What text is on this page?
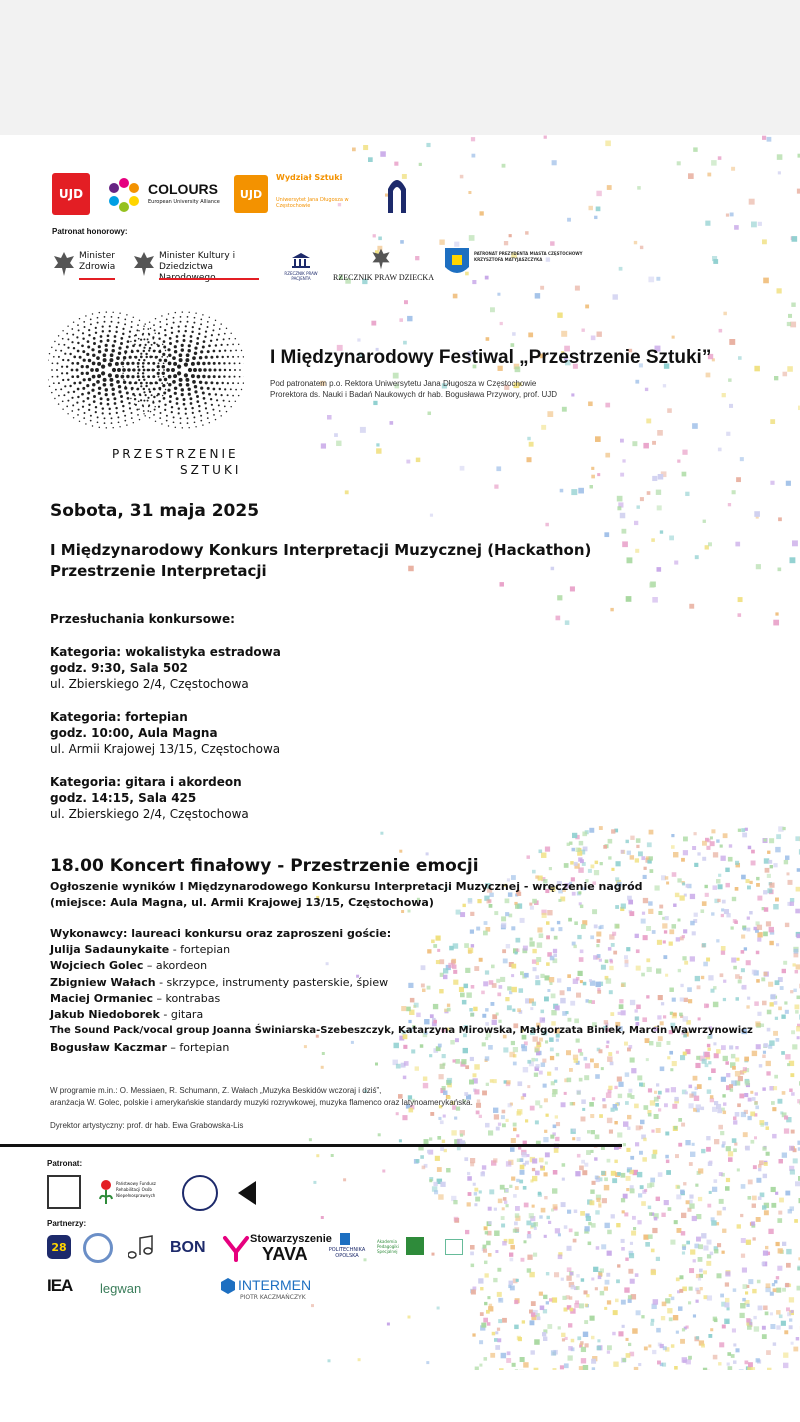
UJD	COLOURS
European University Alliance
UJD
Wydział Sztuki
Uniwersytet Jana Długosza w Częstochowie
Patronat honorowy:
Minister Zdrowia
Minister Kultury i Dziedzictwa
RZECZNIK PRAW PACJENTA	RZECZNIK PRAW DZIECKA
PATRONAT PREZYDENTA MIASTA CZĘSTOCHOWY KRZYSZTOFA MATYJASZCZYKA
PRZESTRZENIE
SZTUKI
I Międzynarodowy Festiwal „Przestrzenie Sztuki”
Pod patronatem p.o. Rektora Uniwersytetu Jana Długosza w Częstochowie
Prorektora ds. Nauki i Badań Naukowych dr hab. Bogusława Przywory, prof. UJD
Sobota, 31 maja 2025
I Międzynarodowy Konkurs Interpretacji Muzycznej (Hackathon)
Przestrzenie Interpretacji
Przesłuchania konkursowe:
Kategoria: wokalistyka estradowa
godz. 9:30, Sala 502
ul. Zbierskiego 2/4, Częstochowa
Kategoria: fortepian
godz. 10:00, Aula Magna
ul. Armii Krajowej 13/15, Częstochowa
Kategoria: gitara i akordeon
godz. 14:15, Sala 425
ul. Zbierskiego 2/4, Częstochowa
18.00 Koncert finałowy - Przestrzenie emocji
Ogłoszenie wyników I Międzynarodowego Konkursu Interpretacji Muzycznej - wręczenie nagród
(miejsce: Aula Magna, ul. Armii Krajowej 13/15, Częstochowa)
Wykonawcy: laureaci konkursu oraz zaproszeni goście:
Julija Sadaunykaite - fortepian
Wojciech Golec – akordeon
Zbigniew Wałach - skrzypce, instrumenty pasterskie, śpiew
Maciej Ormaniec – kontrabas
Jakub Niedoborek - gitara
The Sound Pack/vocal group Joanna Świniarska-Szebeszczyk, Katarzyna Mirowska, Małgorzata Biniek, Marcin Wawrzynowicz
Bogusław Kaczmar – fortepian
W programie m.in.: O. Messiaen, R. Schumann, Z. Wałach „Muzyka Beskidów wczoraj i dziś”,
aranżacja W. Golec, polskie i amerykańskie standardy muzyki rozrywkowej, muzyka flamenco oraz latynoamerykańska.
Dyrektor artystyczny: prof. dr hab. Ewa Grabowska-Lis
Patronat:
Państwowy Fundusz Rehabilitacji Osób Niepełnosprawnych
Partnerzy:
28	BON	Stowarzyszenie
YAVA	POLITECHNIKA OPOLSKA
Akademia Pedagogiki Specjalnej
IEA legwan	INTERMEN
PIOTR KACZMAŃCZYK
